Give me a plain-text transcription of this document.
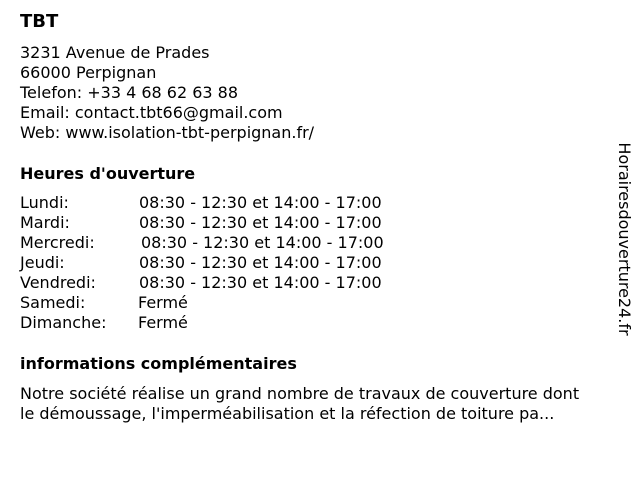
TBT
3231 Avenue de Prades
66000 Perpignan
Telefon: +33 4 68 62 63 88
Email: contact.tbt66@gmail.com
Web: www.isolation-tbt-perpignan.fr/
Heures d'ouverture
Lundi:	08:30 - 12:30 et 14:00 - 17:00
Mardi:	08:30 - 12:30 et 14:00 - 17:00
Mercredi:	08:30 - 12:30 et 14:00 - 17:00
Jeudi:	08:30 - 12:30 et 14:00 - 17:00
Vendredi:	08:30 - 12:30 et 14:00 - 17:00
Samedi:	Fermé
Dimanche: Fermé
informations complémentaires
Notre société réalise un grand nombre de travaux de couverture dont
le démoussage, l'imperméabilisation et la réfection de toiture pa...
Horairesdouverture24.fr
